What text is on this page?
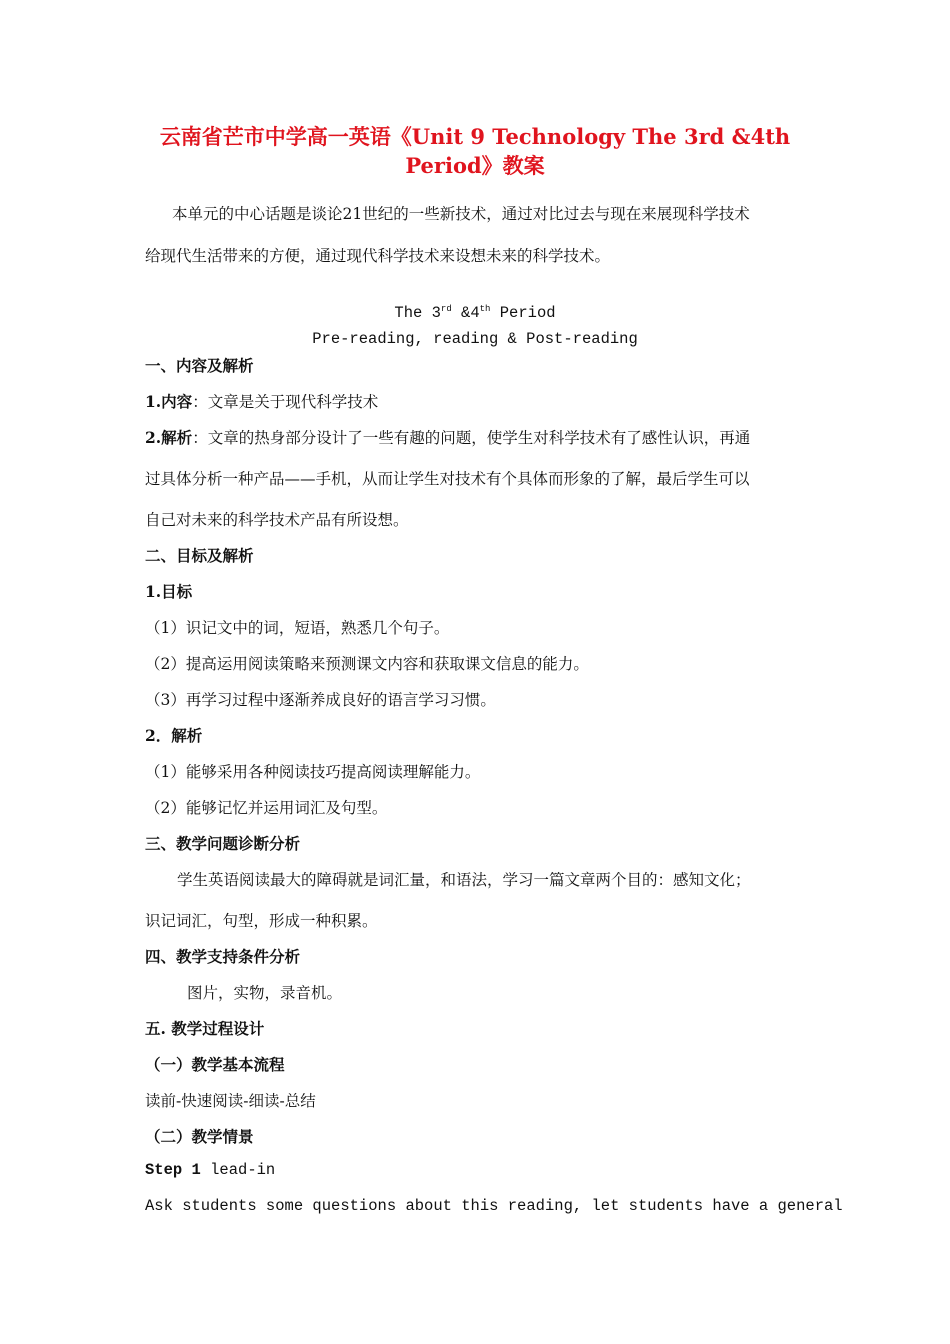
云南省芒市中学高一英语《Unit 9 Technology The 3rd &4th
Period》教案
本单元的中心话题是谈论21世纪的一些新技术，通过对比过去与现在来展现科学技术
给现代生活带来的方便，通过现代科学技术来设想未来的科学技术。
The 3rd &4th Period
Pre-reading, reading & Post-reading
一、内容及解析
1.内容：文章是关于现代科学技术
2.解析：文章的热身部分设计了一些有趣的问题，使学生对科学技术有了感性认识，再通
过具体分析一种产品——手机，从而让学生对技术有个具体而形象的了解，最后学生可以
自己对未来的科学技术产品有所设想。
二、目标及解析
1.目标
（1）识记文中的词，短语，熟悉几个句子。
（2）提高运用阅读策略来预测课文内容和获取课文信息的能力。
（3）再学习过程中逐渐养成良好的语言学习习惯。
2．解析
（1）能够采用各种阅读技巧提高阅读理解能力。
（2）能够记忆并运用词汇及句型。
三、教学问题诊断分析
学生英语阅读最大的障碍就是词汇量，和语法，学习一篇文章两个目的：感知文化；
识记词汇，句型，形成一种积累。
四、教学支持条件分析
图片，实物，录音机。
五. 教学过程设计
（一）教学基本流程
读前-快速阅读-细读-总结
（二）教学情景
Step 1 lead-in
Ask students some questions about this reading, let students have a general
